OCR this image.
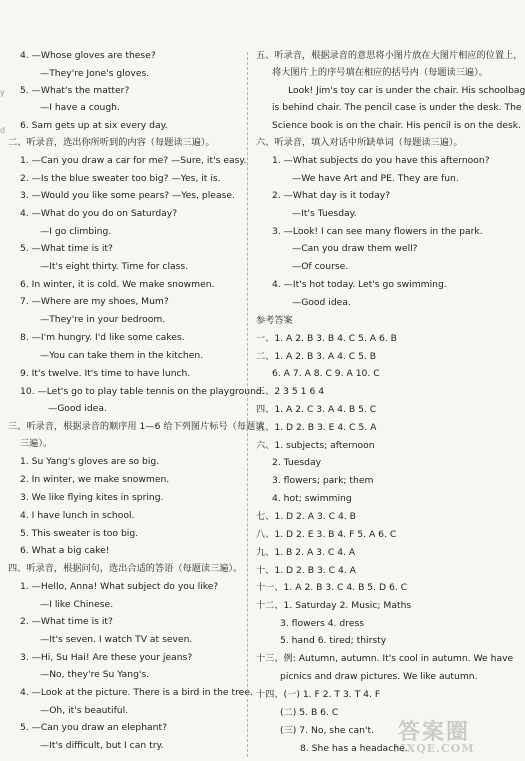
4. —Whose gloves are these?
—They're Jone's gloves.
5. —What's the matter?
—I have a cough.
6. Sam gets up at six every day.
二、听录音，选出你所听到的内容（每题读三遍）。
1. —Can you draw a car for me? —Sure, it's easy.
2. —Is the blue sweater too big? —Yes, it is.
3. —Would you like some pears? —Yes, please.
4. —What do you do on Saturday?
—I go climbing.
5. —What time is it?
—It's eight thirty. Time for class.
6. In winter, it is cold. We make snowmen.
7. —Where are my shoes, Mum?
—They're in your bedroom.
8. —I'm hungry. I'd like some cakes.
—You can take them in the kitchen.
9. It's twelve. It's time to have lunch.
10. —Let's go to play table tennis on the playground.
—Good idea.
三、听录音，根据录音的顺序用 1—6 给下列图片标号（每题读
三遍）。
1. Su Yang's gloves are so big.
2. In winter, we make snowmen.
3. We like flying kites in spring.
4. I have lunch in school.
5. This sweater is too big.
6. What a big cake!
四、听录音，根据问句，选出合适的答语（每题读三遍）。
1. —Hello, Anna! What subject do you like?
—I like Chinese.
2. —What time is it?
—It's seven. I watch TV at seven.
3. —Hi, Su Hai! Are these your jeans?
—No, they're Su Yang's.
4. —Look at the picture. There is a bird in the tree.
—Oh, it's beautiful.
5. —Can you draw an elephant?
—It's difficult, but I can try.
五、听录音，根据录音的意思将小图片放在大图片相应的位置上，
将大图片上的序号填在相应的括号内（每题读三遍）。
Look! Jim's toy car is under the chair. His schoolbag
is behind chair. The pencil case is under the desk. The
Science book is on the chair. His pencil is on the desk.
六、听录音，填入对话中所缺单词（每题读三遍）。
1. —What subjects do you have this afternoon?
—We have Art and PE. They are fun.
2. —What day is it today?
—It's Tuesday.
3. —Look! I can see many flowers in the park.
—Can you draw them well?
—Of course.
4. —It's hot today. Let's go swimming.
—Good idea.
参考答案
一、1. A 2. B 3. B 4. C 5. A 6. B
二、1. A 2. B 3. A 4. C 5. B
6. A 7. A 8. C 9. A 10. C
三、2 3 5 1 6 4
四、1. A 2. C 3. A 4. B 5. C
五、1. D 2. B 3. E 4. C 5. A
六、1. subjects; afternoon
2. Tuesday
3. flowers; park; them
4. hot; swimming
七、1. D 2. A 3. C 4. B
八、1. D 2. E 3. B 4. F 5. A 6. C
九、1. B 2. A 3. C 4. A
十、1. D 2. B 3. C 4. A
十一、1. A 2. B 3. C 4. B 5. D 6. C
十二、1. Saturday 2. Music; Maths
3. flowers 4. dress
5. hand 6. tired; thirsty
十三、例: Autumn, autumn. It's cool in autumn. We have
picnics and draw pictures. We like autumn.
十四、(一) 1. F 2. T 3. T 4. F
(二) 5. B 6. C
(三) 7. No, she can't.
8. She has a headache.
y
d
答案圈
MXQE.COM
